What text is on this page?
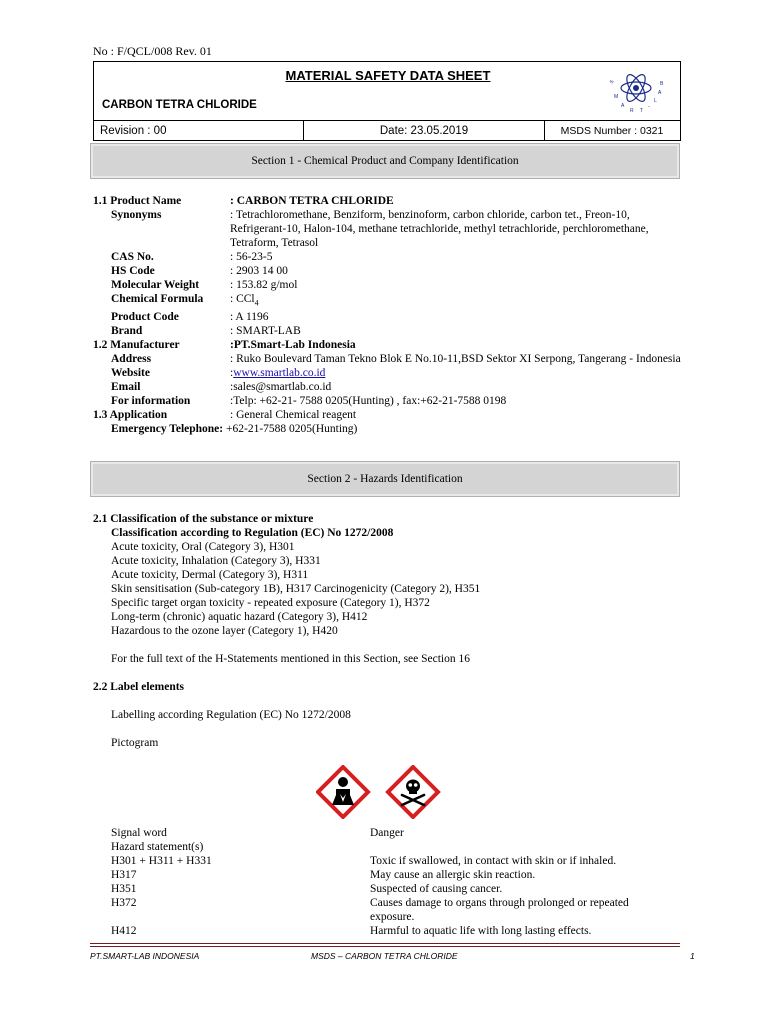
No : F/QCL/008 Rev. 01
MATERIAL SAFETY DATA SHEET
CARBON TETRA CHLORIDE
S
M
A
R T
-
L
A
B
Revision : 00	Date: 23.05.2019	MSDS Number : 0321
Section 1 - Chemical Product and Company Identification
1.1 Product Name	: CARBON TETRA CHLORIDE
Synonyms	: Tetrachloromethane, Benziform, benzinoform, carbon chloride, carbon tet., Freon-10, Refrigerant-10, Halon-104, methane tetrachloride, methyl tetrachloride, perchloromethane, Tetraform, Tetrasol
CAS No.	: 56-23-5
HS Code	: 2903 14 00
Molecular Weight	: 153.82 g/mol
Chemical Formula : CCl$_4$
Product Code	: A 1196
Brand	: SMART-LAB
1.2 Manufacturer	:PT.Smart-Lab Indonesia
Address	: Ruko Boulevard Taman Tekno Blok E No.10-11,BSD Sektor XI Serpong, Tangerang - Indonesia
Website	:www.smartlab.co.id
Email	:sales@smartlab.co.id
For information	:Telp: +62-21- 7588 0205(Hunting) , fax:+62-21-7588 0198
1.3 Application	: General Chemical reagent
Emergency Telephone: +62-21-7588 0205(Hunting)
Section 2 - Hazards Identification
2.1 Classification of the substance or mixture
Classification according to Regulation (EC) No 1272/2008
Acute toxicity, Oral (Category 3), H301
Acute toxicity, Inhalation (Category 3), H331
Acute toxicity, Dermal (Category 3), H311
Skin sensitisation (Sub-category 1B), H317 Carcinogenicity (Category 2), H351
Specific target organ toxicity - repeated exposure (Category 1), H372
Long-term (chronic) aquatic hazard (Category 3), H412
Hazardous to the ozone layer (Category 1), H420
For the full text of the H-Statements mentioned in this Section, see Section 16
2.2 Label elements
Labelling according Regulation (EC) No 1272/2008
Pictogram
Signal word	Danger
Hazard statement(s)

H301 + H311 + H331	Toxic if swallowed, in contact with skin or if inhaled.
H317	May cause an allergic skin reaction.
H351	Suspected of causing cancer.
H372	Causes damage to organs through prolonged or repeated exposure.
H412	Harmful to aquatic life with long lasting effects.
PT.SMART-LAB INDONESIA	MSDS – CARBON TETRA CHLORIDE	1
